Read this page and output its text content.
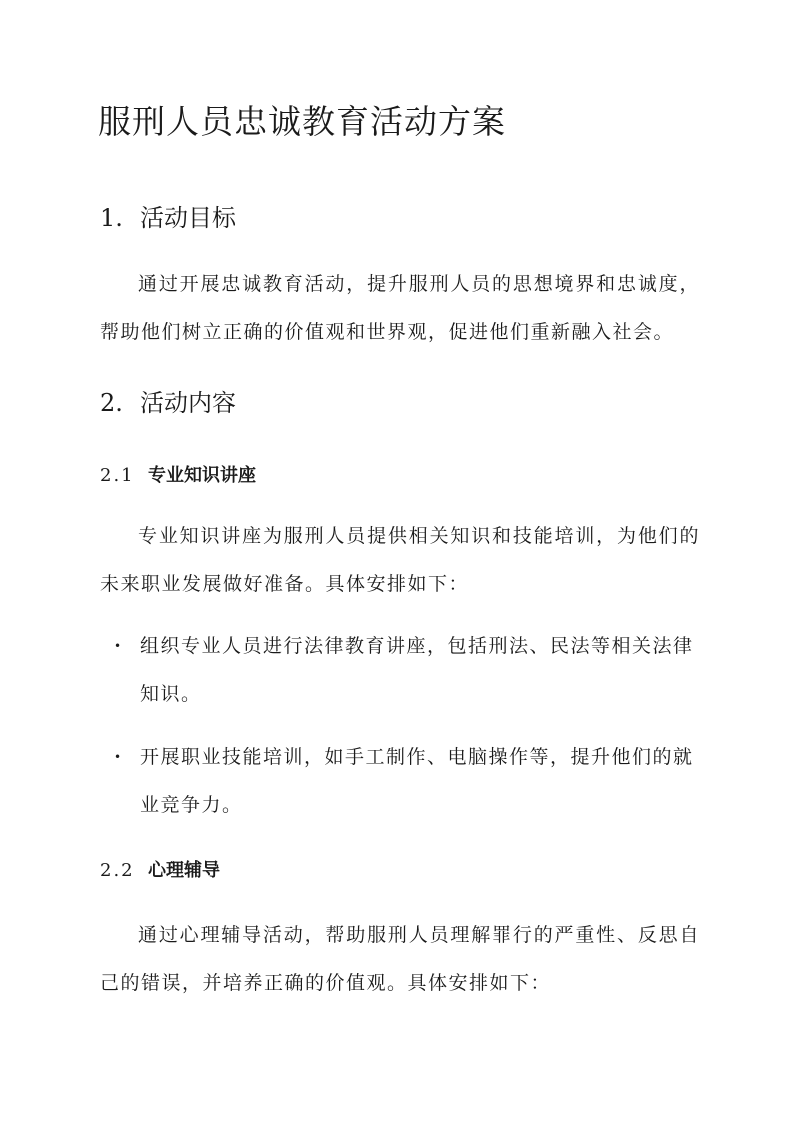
服刑人员忠诚教育活动方案
1. 活动目标
通过开展忠诚教育活动，提升服刑人员的思想境界和忠诚度，帮助他们树立正确的价值观和世界观，促进他们重新融入社会。
2. 活动内容
2.1 专业知识讲座
专业知识讲座为服刑人员提供相关知识和技能培训，为他们的未来职业发展做好准备。具体安排如下：
• 组织专业人员进行法律教育讲座，包括刑法、民法等相关法律知识。
• 开展职业技能培训，如手工制作、电脑操作等，提升他们的就业竞争力。
2.2 心理辅导
通过心理辅导活动，帮助服刑人员理解罪行的严重性、反思自己的错误，并培养正确的价值观。具体安排如下：
